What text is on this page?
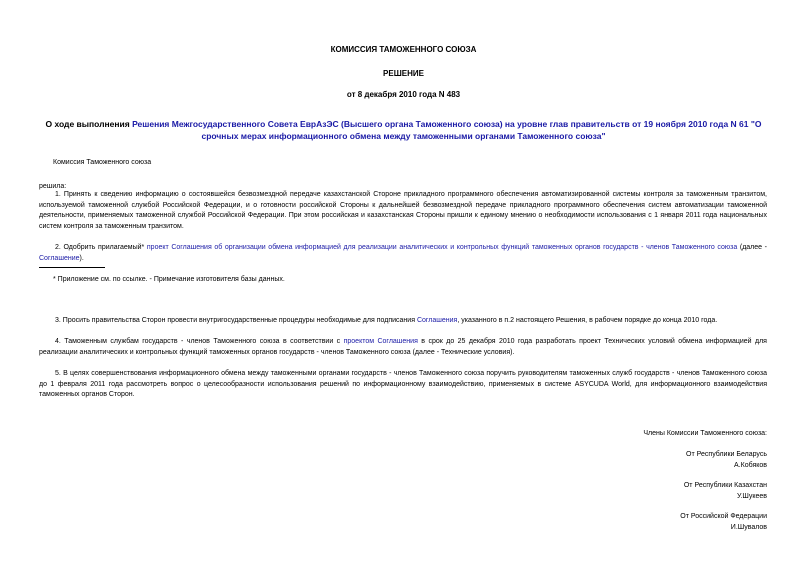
КОМИССИЯ ТАМОЖЕННОГО СОЮЗА
РЕШЕНИЕ
от 8 декабря 2010 года N 483
О ходе выполнения Решения Межгосударственного Совета ЕврАзЭС (Высшего органа Таможенного союза) на уровне глав правительств от 19 ноября 2010 года N 61 "О срочных мерах информационного обмена между таможенными органами Таможенного союза"
Комиссия Таможенного союза
решила:
1. Принять к сведению информацию о состоявшейся безвозмездной передаче казахстанской Стороне прикладного программного обеспечения автоматизированной системы контроля за таможенным транзитом, используемой таможенной службой Российской Федерации, и о готовности российской Стороны к дальнейшей безвозмездной передаче прикладного программного обеспечения систем автоматизации таможенной деятельности, применяемых таможенной службой Российской Федерации. При этом российская и казахстанская Стороны пришли к единому мнению о необходимости использования с 1 января 2011 года национальных систем контроля за таможенным транзитом.
2. Одобрить прилагаемый* проект Соглашения об организации обмена информацией для реализации аналитических и контрольных функций таможенных органов государств - членов Таможенного союза (далее - Соглашение).
* Приложение см. по ссылке. - Примечание изготовителя базы данных.
3. Просить правительства Сторон провести внутригосударственные процедуры необходимые для подписания Соглашения, указанного в п.2 настоящего Решения, в рабочем порядке до конца 2010 года.
4. Таможенным службам государств - членов Таможенного союза в соответствии с проектом Соглашения в срок до 25 декабря 2010 года разработать проект Технических условий обмена информацией для реализации аналитических и контрольных функций таможенных органов государств - членов Таможенного союза (далее - Технические условия).
5. В целях совершенствования информационного обмена между таможенными органами государств - членов Таможенного союза поручить руководителям таможенных служб государств - членов Таможенного союза до 1 февраля 2011 года рассмотреть вопрос о целесообразности использования решений по информационному взаимодействию, применяемых в системе ASYCUDA World, для информационного взаимодействия таможенных органов Сторон.
Члены Комиссии Таможенного союза:
От Республики Беларусь
А.Кобяков
От Республики Казахстан
У.Шукеев
От Российской Федерации
И.Шувалов
